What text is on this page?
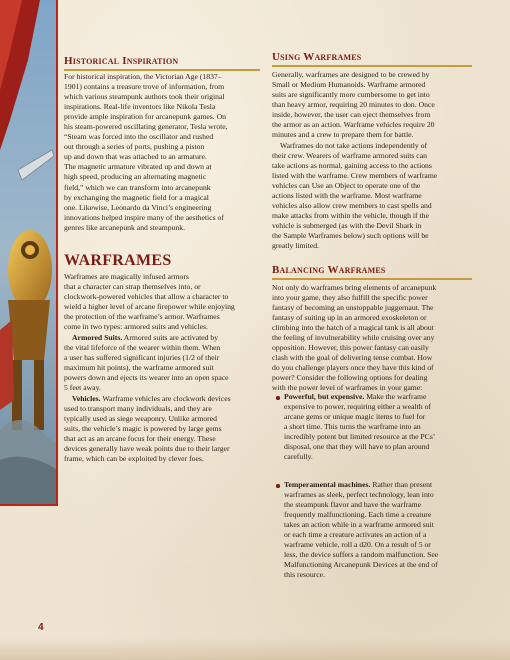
Historical Inspiration
For historical inspiration, the Victorian Age (1837–
1901) contains a treasure trove of information, from
which various steampunk authors took their original
inspirations. Real-life inventors like Nikola Tesla
provide ample inspiration for arcanepunk games. On
his steam-powered oscillating generator, Tesla wrote,
“Steam was forced into the oscillator and rushed
out through a series of ports, pushing a piston
up and down that was attached to an armature.
The magnetic armature vibrated up and down at
high speed, producing an alternating magnetic
field,” which we can transform into arcanepunk
by exchanging the magnetic field for a magical
one. Likewise, Leonardo da Vinci’s engineering
innovations helped inspire many of the aesthetics of
genres like arcanepunk and steampunk.
WARFRAMES
Warframes are magically infused armors
that a character can strap themselves into, or
clockwork-powered vehicles that allow a character to
wield a higher level of arcane firepower while enjoying
the protection of the warframe’s armor. Warframes
come in two types: armored suits and vehicles.
Armored Suits. Armored suits are activated by
the vital lifeforce of the wearer within them. When
a user has suffered significant injuries (1/2 of their
maximum hit points), the warframe armored suit
powers down and ejects its wearer into an open space
5 feet away.
Vehicles. Warframe vehicles are clockwork devices
used to transport many individuals, and they are
typically used as siege weaponry. Unlike armored
suits, the vehicle’s magic is powered by large gems
that act as an arcane focus for their energy. These
devices generally have weak points due to their larger
frame, which can be exploited by clever foes.
Using Warframes
Generally, warframes are designed to be crewed by
Small or Medium Humanoids. Warframe armored
suits are significantly more cumbersome to get into
than heavy armor, requiring 20 minutes to don. Once
inside, however, the user can eject themselves from
the armor as an action. Warframe vehicles require 20
minutes and a crew to prepare them for battle.
Warframes do not take actions independently of
their crew. Wearers of warframe armored suits can
take actions as normal, gaining access to the actions
listed with the warframe. Crew members of warframe
vehicles can Use an Object to operate one of the
actions listed with the warframe. Most warframe
vehicles also allow crew members to cast spells and
make attacks from within the vehicle, though if the
vehicle is submerged (as with the Devil Shark in
the Sample Warframes below) such options will be
greatly limited.
Balancing Warframes
Not only do warframes bring elements of arcanepunk
into your game, they also fulfill the specific power
fantasy of becoming an unstoppable juggernaut. The
fantasy of suiting up in an armored exoskeleton or
climbing into the hatch of a magical tank is all about
the feeling of invulnerability while cruising over any
opposition. However, this power fantasy can easily
clash with the goal of delivering tense combat. How
do you challenge players once they have this kind of
power? Consider the following options for dealing
with the power level of warframes in your game:
Powerful, but expensive. Make the warframe
expensive to power, requiring either a wealth of
arcane gems or unique magic items to fuel for
a short time. This turns the warframe into an
incredibly potent but limited resource at the PCs’
disposal, one that they will have to plan around
carefully.
Temperamental machines. Rather than present
warframes as sleek, perfect technology, lean into
the steampunk flavor and have the warframe
frequently malfunctioning. Each time a creature
takes an action while in a warframe armored suit
or each time a creature activates an action of a
warframe vehicle, roll a d20. On a result of 5 or
less, the device suffers a random malfunction. See
Malfunctioning Arcanepunk Devices at the end of
this resource.
4
